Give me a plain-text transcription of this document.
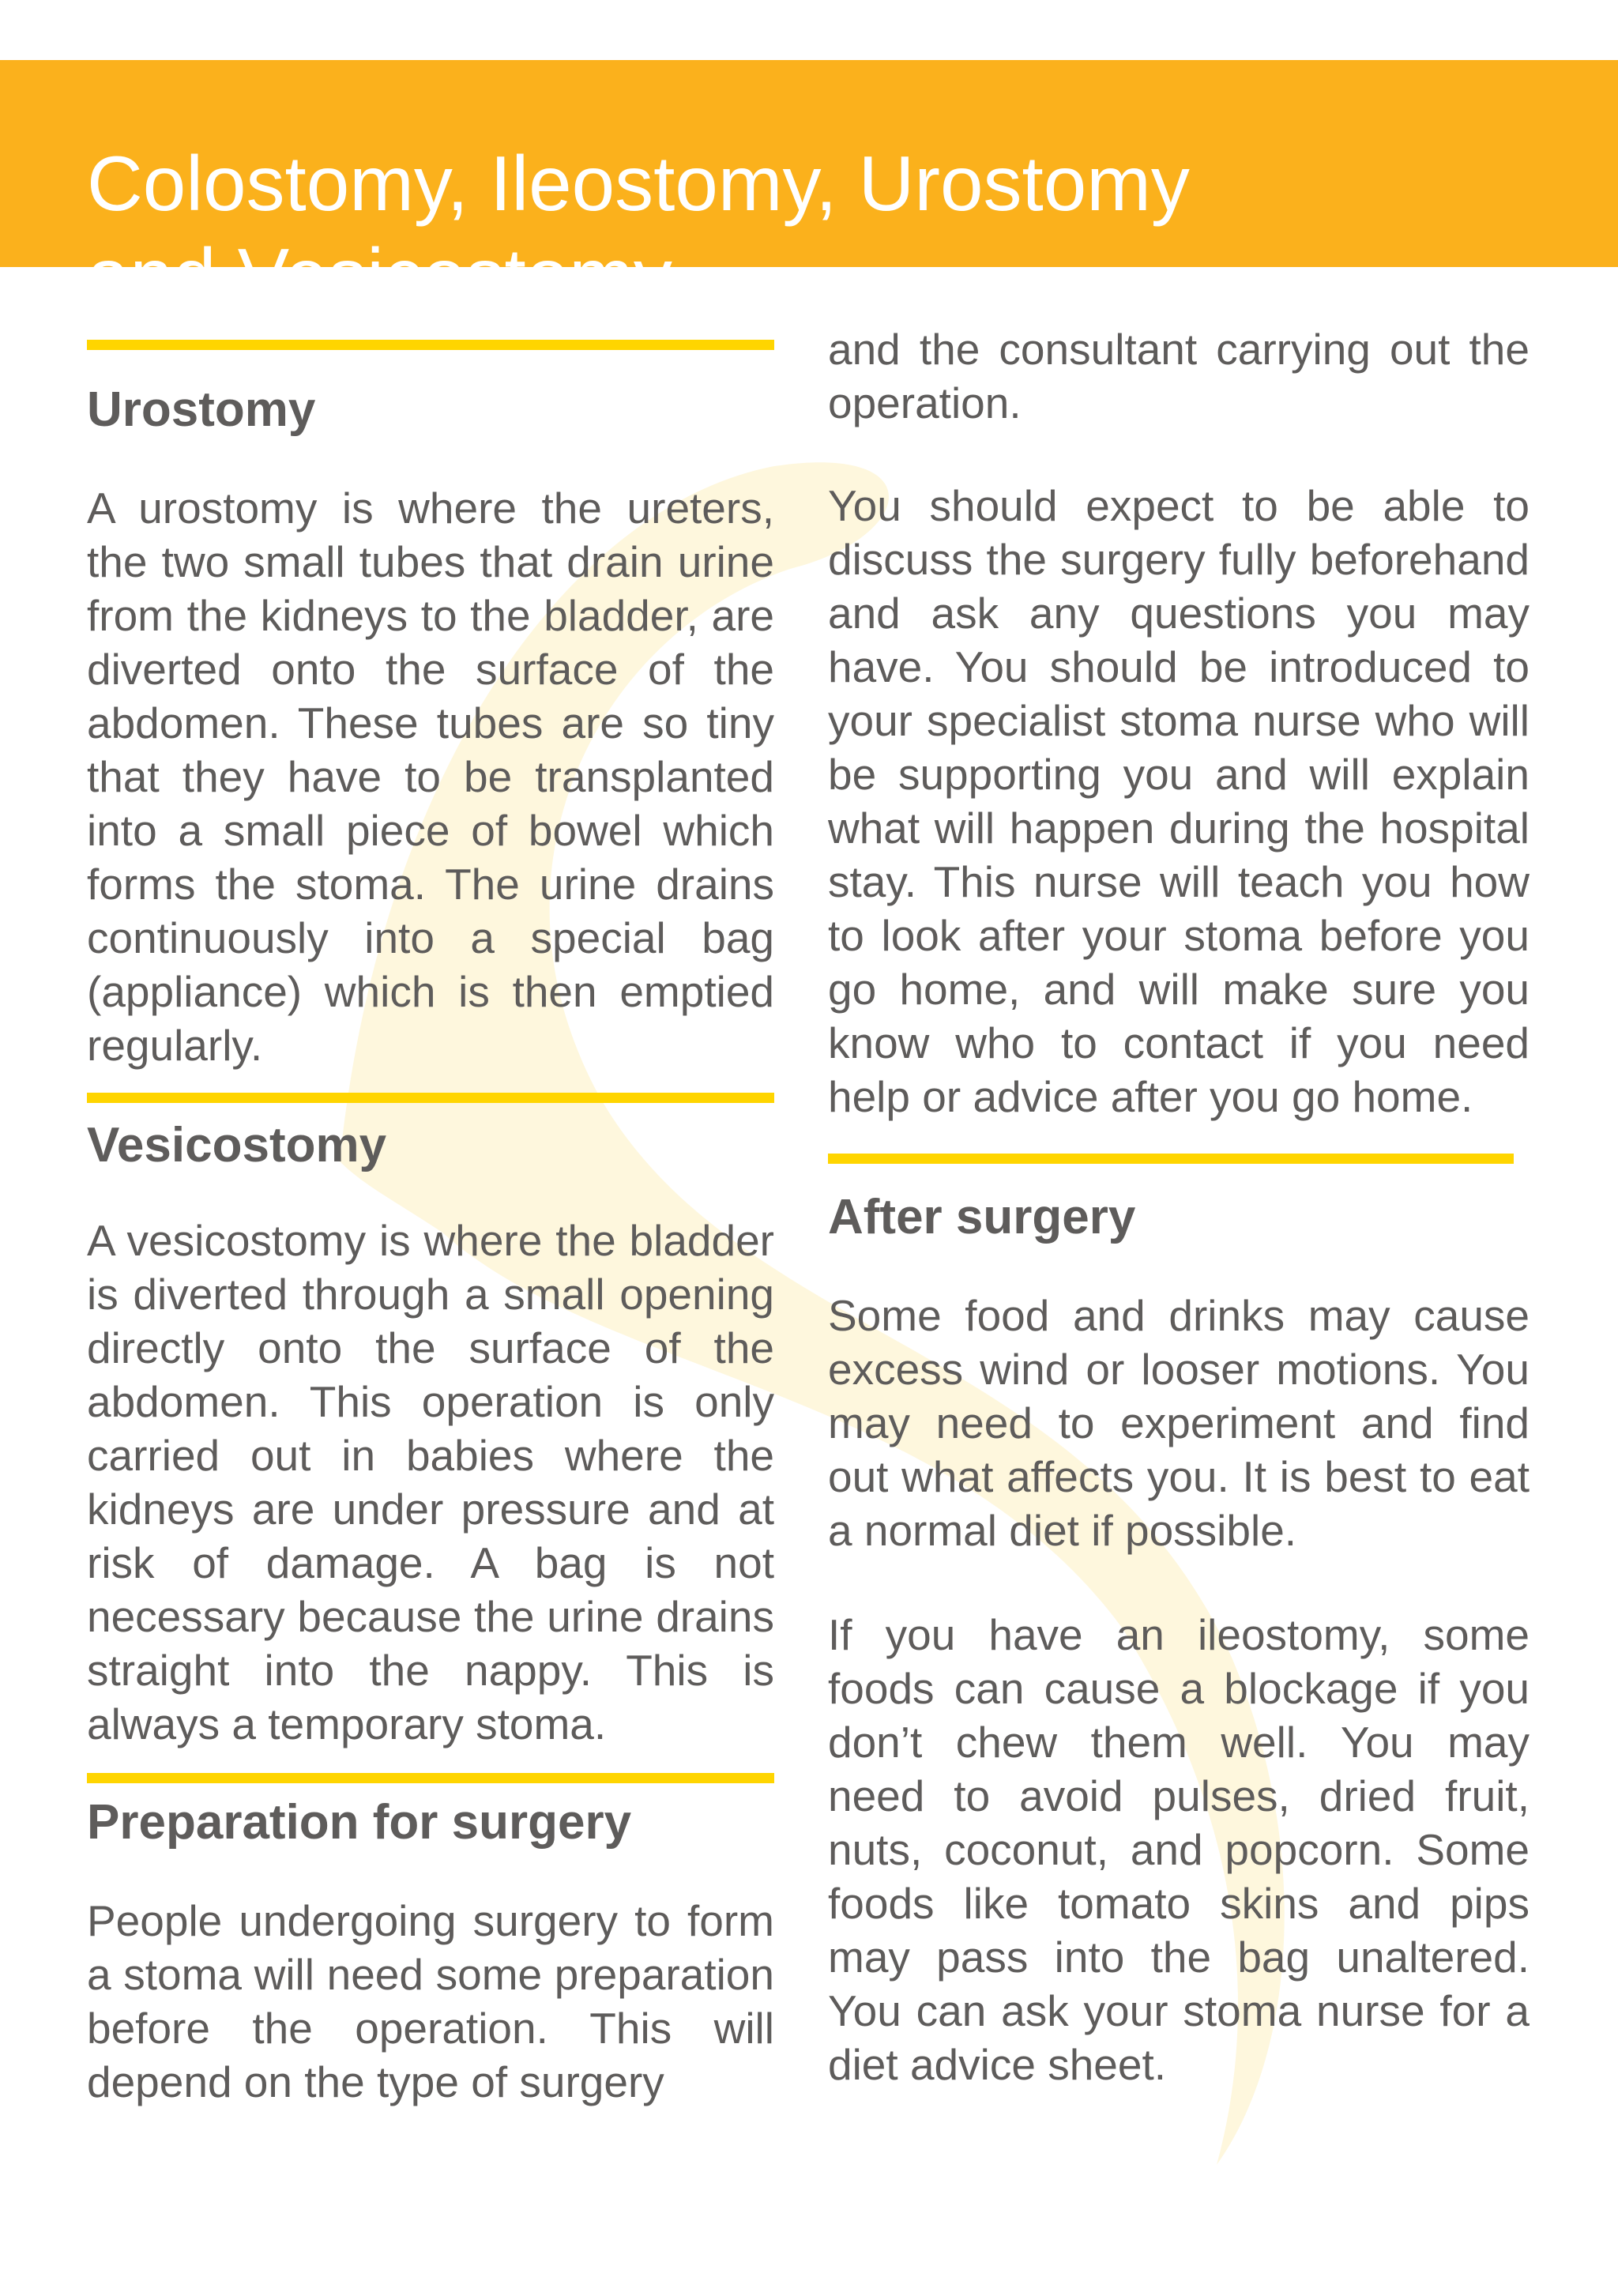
Colostomy, Ileostomy, Urostomy
and Vesicostomy
Urostomy

A urostomy is where the ureters, the two small tubes that drain urine from the kidneys to the bladder, are diverted onto the surface of the abdomen. These tubes are so tiny that they have to be transplanted into a small piece of bowel which forms the stoma. The urine drains continuously into a special bag (appliance) which is then emptied regularly.

Vesicostomy

A vesicostomy is where the bladder is diverted through a small opening directly onto the surface of the abdomen. This operation is only carried out in babies where the kidneys are under pressure and at risk of damage. A bag is not necessary because the urine drains straight into the nappy. This is always a temporary stoma.

Preparation for surgery

People undergoing surgery to form a stoma will need some preparation before the operation. This will depend on the type of surgery

and the consultant carrying out the operation.

You should expect to be able to discuss the surgery fully beforehand and ask any questions you may have. You should be introduced to your specialist stoma nurse who will be supporting you and will explain what will happen during the hospital stay. This nurse will teach you how to look after your stoma before you go home, and will make sure you know who to contact if you need help or advice after you go home.

After surgery

Some food and drinks may cause excess wind or looser motions. You may need to experiment and find out what affects you. It is best to eat a normal diet if possible.

If you have an ileostomy, some foods can cause a blockage if you don’t chew them well. You may need to avoid pulses, dried fruit, nuts, coconut, and popcorn. Some foods like tomato skins and pips may pass into the bag unaltered. You can ask your stoma nurse for a diet advice sheet.
